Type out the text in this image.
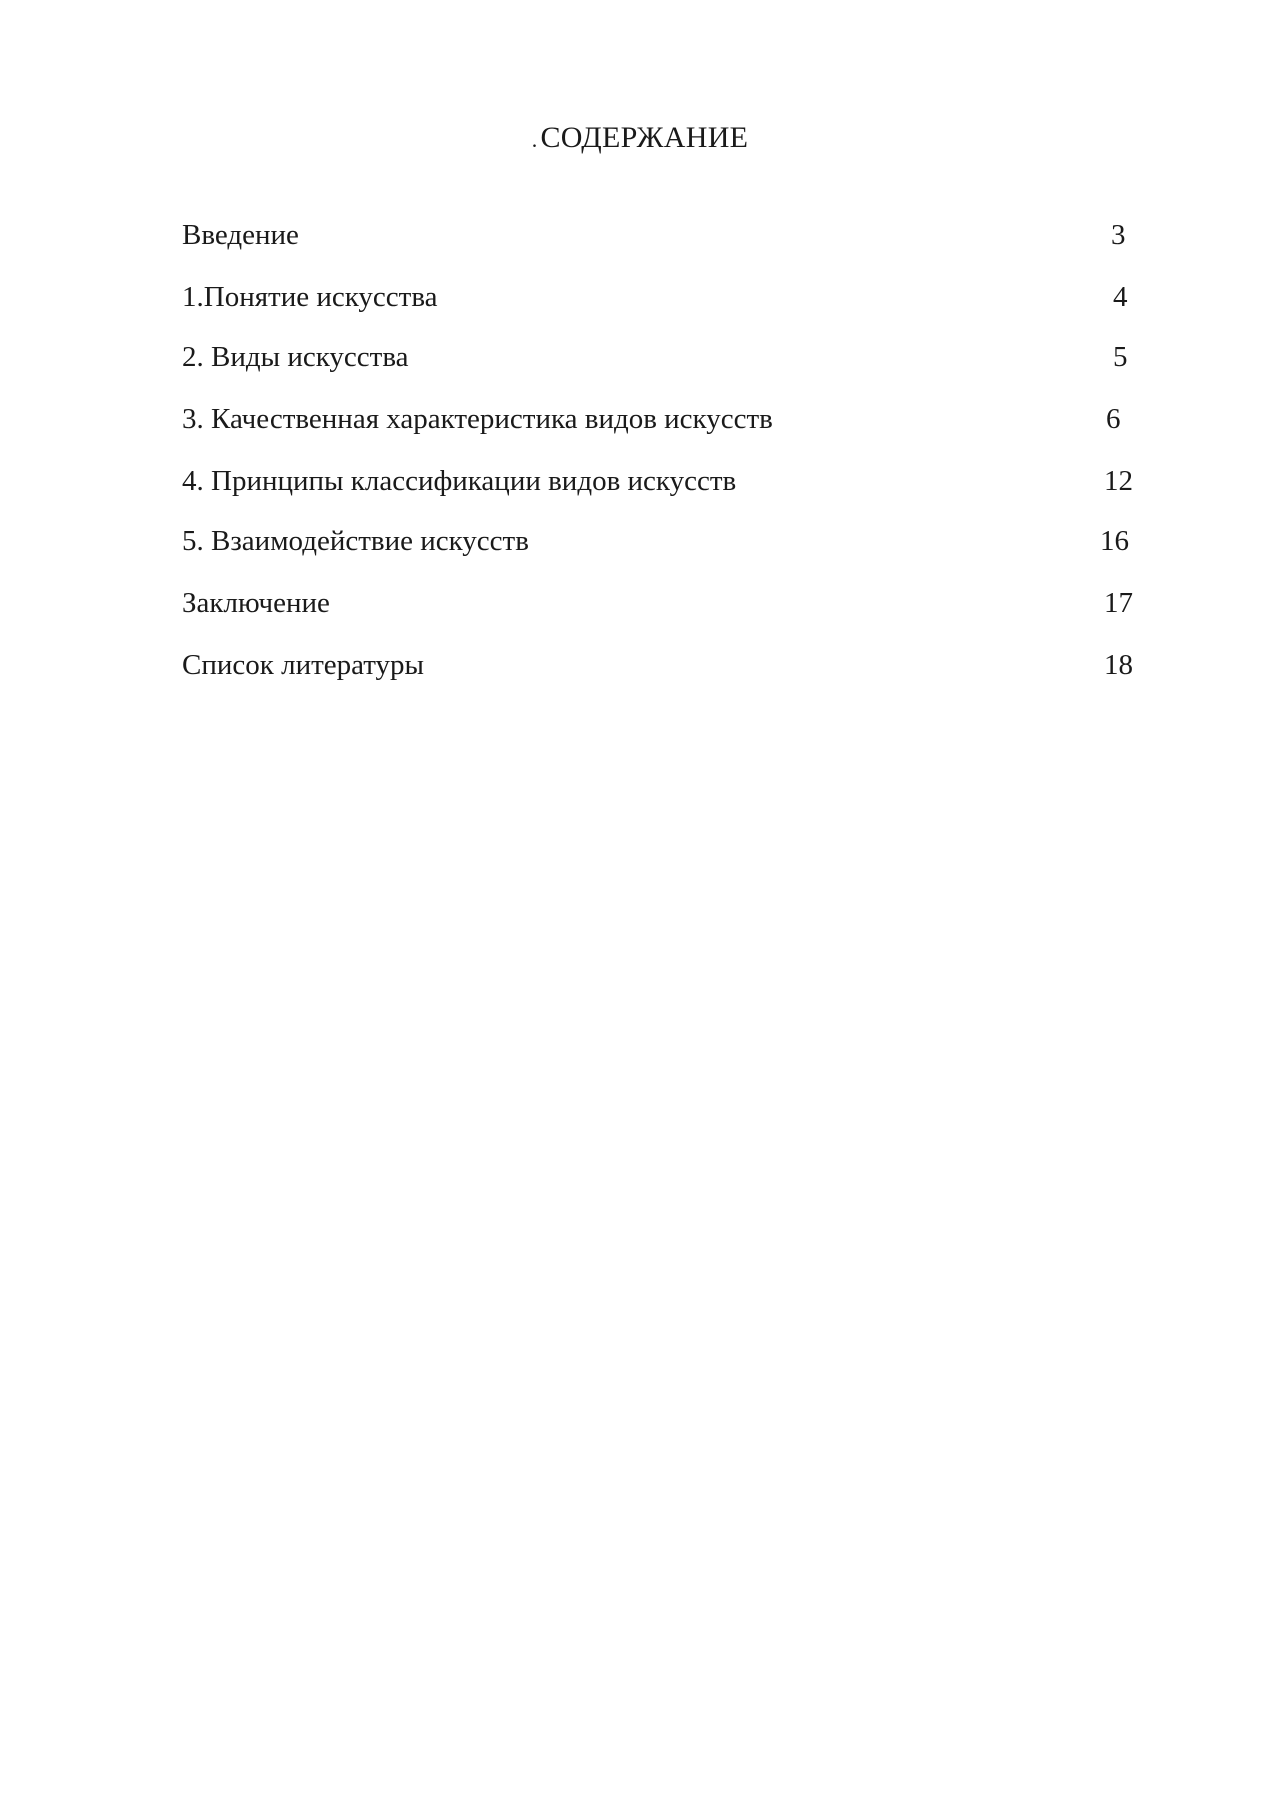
. СОДЕРЖАНИЕ
Введение	3
1.Понятие искусства	4
2. Виды искусства	5
3. Качественная характеристика видов искусств	6
4. Принципы классификации видов искусств	12
5. Взаимодействие искусств	16
Заключение	17
Список литературы	18
